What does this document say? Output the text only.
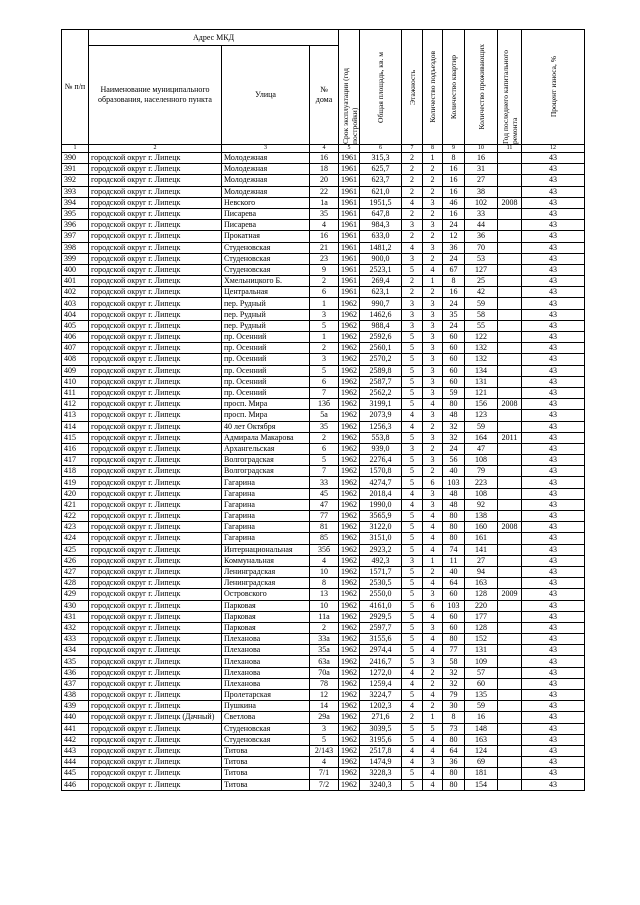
№ п/п	Адрес МКД			Срок эксплуатации (год постройки)	Общая площадь, кв. м	Этажность	Количество подъездов	Количество квартир	Количество проживающих	Год последнего капитального ремонта	Процент износа, %

	Наименование муниципального образования, населенного пункта	Улица	№ дома								
1	2	3	4	5	6	7	8	9	10	11	12
390	городской округ г. Липецк	Молодежная	16	1961	315,3	2	1	8	16		43
391	городской округ г. Липецк	Молодежная	18	1961	625,7	2	2	16	31		43
392	городской округ г. Липецк	Молодежная	20	1961	623,7	2	2	16	27		43
393	городской округ г. Липецк	Молодежная	22	1961	621,0	2	2	16	38		43
394	городской округ г. Липецк	Невского	1а	1961	1951,5	4	3	46	102	2008	43
395	городской округ г. Липецк	Писарева	35	1961	647,8	2	2	16	33		43
396	городской округ г. Липецк	Писарева	4	1961	984,3	3	3	24	44		43
397	городской округ г. Липецк	Прокатная	16	1961	633,0	2	2	12	36		43
398	городской округ г. Липецк	Студеновская	21	1961	1481,2	4	3	36	70		43
399	городской округ г. Липецк	Студеновская	23	1961	900,0	3	2	24	53		43
400	городской округ г. Липецк	Студеновская	9	1961	2523,1	5	4	67	127		43
401	городской округ г. Липецк	Хмельницкого Б.	2	1961	269,4	2	1	8	25		43
402	городской округ г. Липецк	Центральная	6	1961	623,1	2	2	16	42		43
403	городской округ г. Липецк	пер. Рудный	1	1962	990,7	3	3	24	59		43
404	городской округ г. Липецк	пер. Рудный	3	1962	1462,6	3	3	35	58		43
405	городской округ г. Липецк	пер. Рудный	5	1962	988,4	3	3	24	55		43
406	городской округ г. Липецк	пр. Осенний	1	1962	2592,6	5	3	60	122		43
407	городской округ г. Липецк	пр. Осенний	2	1962	2560,1	5	3	60	132		43
408	городской округ г. Липецк	пр. Осенний	3	1962	2570,2	5	3	60	132		43
409	городской округ г. Липецк	пр. Осенний	5	1962	2589,8	5	3	60	134		43
410	городской округ г. Липецк	пр. Осенний	6	1962	2587,7	5	3	60	131		43
411	городской округ г. Липецк	пр. Осенний	7	1962	2562,2	5	3	59	121		43
412	городской округ г. Липецк	просп. Мира	13б	1962	3199,1	5	4	80	156	2008	43
413	городской округ г. Липецк	просп. Мира	5а	1962	2073,9	4	3	48	123		43
414	городской округ г. Липецк	40 лет Октября	35	1962	1256,3	4	2	32	59		43
415	городской округ г. Липецк	Адмирала Макарова	2	1962	553,8	5	3	32	164	2011	43
416	городской округ г. Липецк	Архангельская	6	1962	939,0	3	2	24	47		43
417	городской округ г. Липецк	Волгоградская	5	1962	2276,4	5	3	56	108		43
418	городской округ г. Липецк	Волгоградская	7	1962	1570,8	5	2	40	79		43
419	городской округ г. Липецк	Гагарина	33	1962	4274,7	5	6	103	223		43
420	городской округ г. Липецк	Гагарина	45	1962	2018,4	4	3	48	108		43
421	городской округ г. Липецк	Гагарина	47	1962	1990,0	4	3	48	92		43
422	городской округ г. Липецк	Гагарина	77	1962	3565,9	5	4	80	138		43
423	городской округ г. Липецк	Гагарина	81	1962	3122,0	5	4	80	160	2008	43
424	городской округ г. Липецк	Гагарина	85	1962	3151,0	5	4	80	161		43
425	городской округ г. Липецк	Интернациональная	35б	1962	2923,2	5	4	74	141		43
426	городской округ г. Липецк	Коммунальная	4	1962	492,3	3	1	11	27		43
427	городской округ г. Липецк	Ленинградская	10	1962	1571,7	5	2	40	94		43
428	городской округ г. Липецк	Ленинградская	8	1962	2530,5	5	4	64	163		43
429	городской округ г. Липецк	Островского	13	1962	2550,0	5	3	60	128	2009	43
430	городской округ г. Липецк	Парковая	10	1962	4161,0	5	6	103	220		43
431	городской округ г. Липецк	Парковая	11а	1962	2929,5	5	4	60	177		43
432	городской округ г. Липецк	Парковая	2	1962	2597,7	5	3	60	128		43
433	городской округ г. Липецк	Плеханова	33а	1962	3155,6	5	4	80	152		43
434	городской округ г. Липецк	Плеханова	35а	1962	2974,4	5	4	77	131		43
435	городской округ г. Липецк	Плеханова	63а	1962	2416,7	5	3	58	109		43
436	городской округ г. Липецк	Плеханова	70а	1962	1272,0	4	2	32	57		43
437	городской округ г. Липецк	Плеханова	78	1962	1259,4	4	2	32	60		43
438	городской округ г. Липецк	Пролетарская	12	1962	3224,7	5	4	79	135		43
439	городской округ г. Липецк	Пушкина	14	1962	1202,3	4	2	30	59		43
440	городской округ г. Липецк (Дачный)	Светлова	29а	1962	271,6	2	1	8	16		43
441	городской округ г. Липецк	Студеновская	3	1962	3039,5	5	5	73	148		43
442	городской округ г. Липецк	Студеновская	5	1962	3195,6	5	4	80	163		43
443	городской округ г. Липецк	Титова	2/143	1962	2517,8	4	4	64	124		43
444	городской округ г. Липецк	Титова	4	1962	1474,9	4	3	36	69		43
445	городской округ г. Липецк	Титова	7/1	1962	3228,3	5	4	80	181		43
446	городской округ г. Липецк	Титова	7/2	1962	3240,3	5	4	80	154		43
